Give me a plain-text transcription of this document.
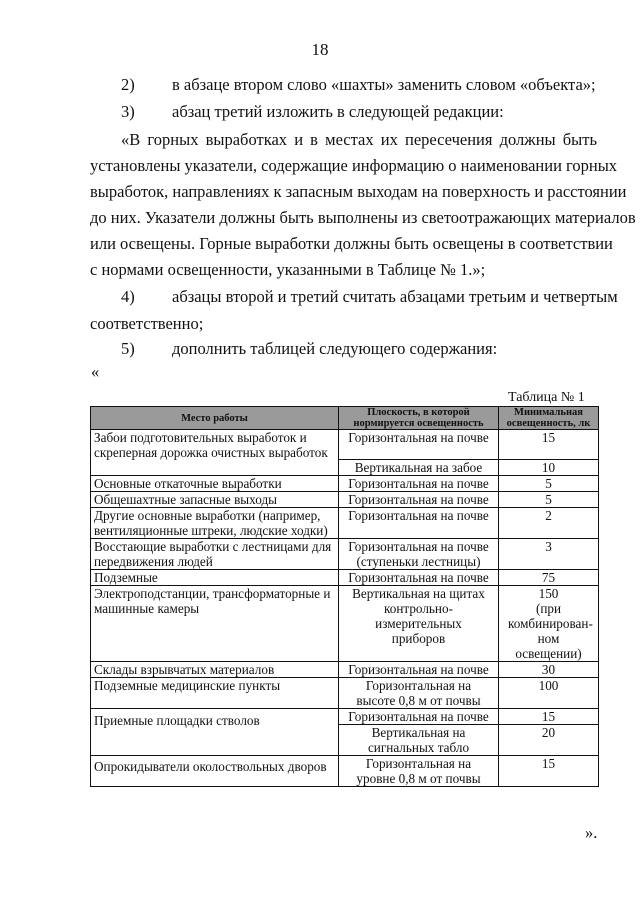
18
2) в абзаце втором слово «шахты» заменить словом «объекта»;
3) абзац третий изложить в следующей редакции:
«В горных выработках и в местах их пересечения должны быть
установлены указатели, содержащие информацию о наименовании горных
выработок, направлениях к запасным выходам на поверхность и расстоянии
до них. Указатели должны быть выполнены из светоотражающих материалов
или освещены. Горные выработки должны быть освещены в соответствии
с нормами освещенности, указанными в Таблице № 1.»;
4) абзацы второй и третий считать абзацами третьим и четвертым
соответственно;
5) дополнить таблицей следующего содержания:
«
Таблица № 1
Место работы	Плоскость, в которой нормируется освещенность	Минимальная освещенность, лк
Забои подготовительных выработок и скреперная дорожка очистных выработок	Горизонтальная на почве	15
	Вертикальная на забое	10
Основные откаточные выработки	Горизонтальная на почве	5
Общешахтные запасные выходы	Горизонтальная на почве	5
Другие основные выработки (например, вентиляционные штреки, людские ходки)	Горизонтальная на почве	2
Восстающие выработки с лестницами для передвижения людей	Горизонтальная на почве (ступеньки лестницы)	3
Подземные	Горизонтальная на почве	75
Электроподстанции, трансформаторные и машинные камеры	Вертикальная на щитах контрольно-измерительных приборов	150
(при комбинирован-ном освещении)

Склады взрывчатых материалов	Горизонтальная на почве	30
Подземные медицинские пункты	Горизонтальная на высоте 0,8 м от почвы	100
Приемные площадки стволов	Горизонтальная на почве	15
	Вертикальная на сигнальных табло	20
Опрокидыватели околоствольных дворов	Горизонтальная на уровне 0,8 м от почвы	15
».
